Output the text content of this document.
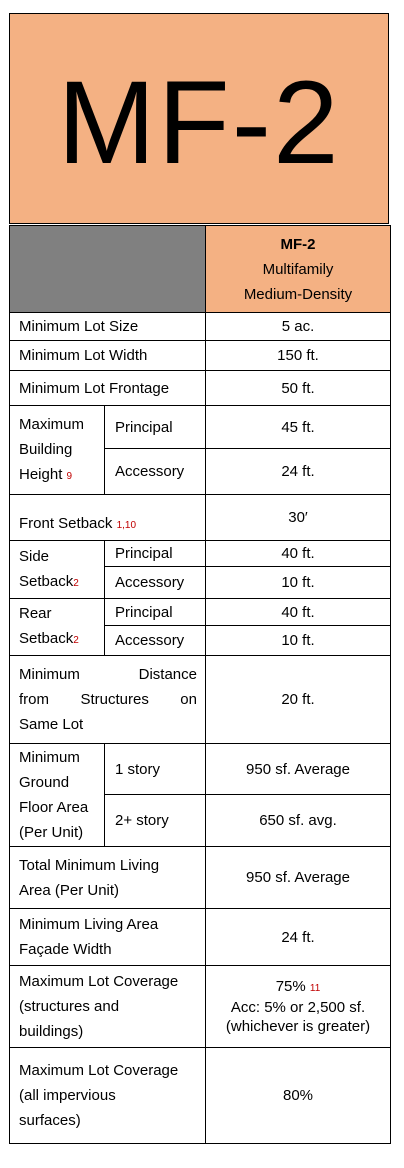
MF-2
		MF-2
Multifamily
Medium-Density
Minimum Lot Size		5 ac.
Minimum Lot Width		150 ft.
Minimum Lot Frontage		50 ft.
Maximum
Building
Height 9	Principal	45 ft.
	Accessory	24 ft.
Front Setback 1,10		30′
Side
Setback2	Principal	40 ft.
	Accessory	10 ft.
Rear
Setback2	Principal	40 ft.
	Accessory	10 ft.

Minimum Distance
from Structures on
Same Lot		20 ft.
Minimum
Ground
Floor Area
(Per Unit)	1 story	950 sf. Average
	2+ story	650 sf. avg.
Total Minimum Living
Area (Per Unit)		950 sf. Average
Minimum Living Area
Façade Width		24 ft.
Maximum Lot Coverage
(structures and
buildings)		75% 11
Acc: 5% or 2,500 sf.
(whichever is greater)
Maximum Lot Coverage
(all impervious
surfaces)		80%
